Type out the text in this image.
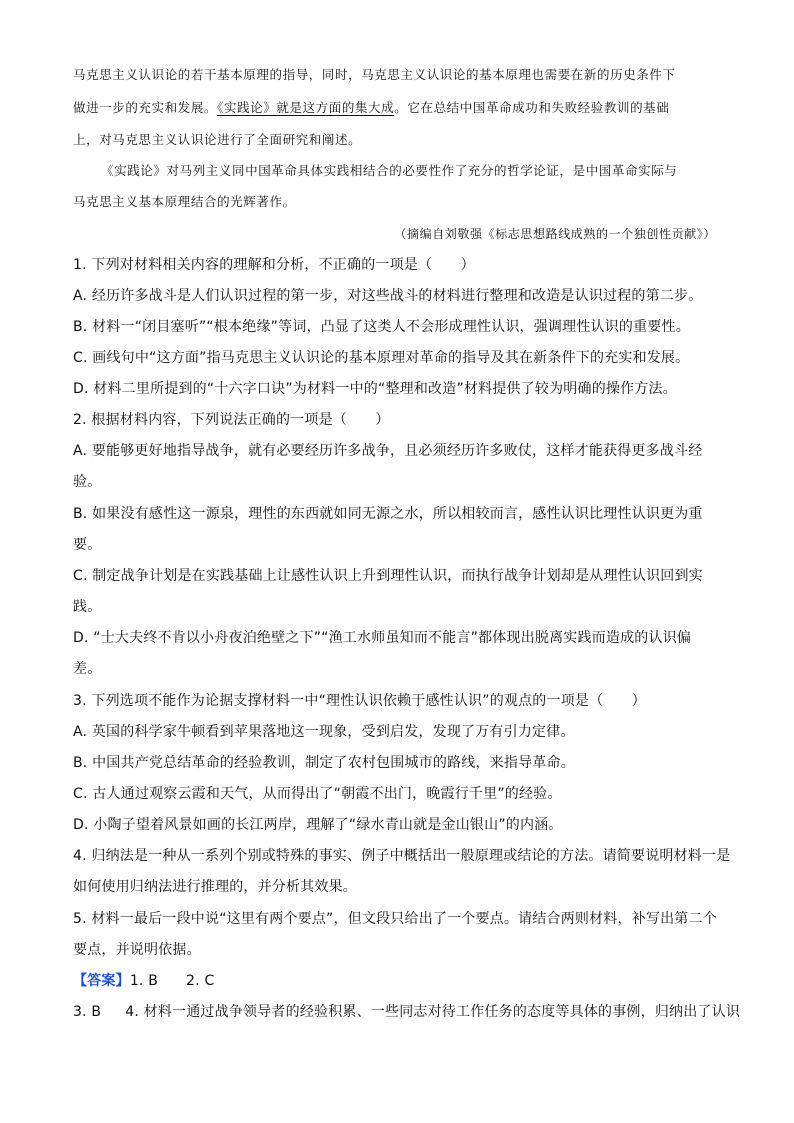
马克思主义认识论的若干基本原理的指导，同时，马克思主义认识论的基本原理也需要在新的历史条件下
做进一步的充实和发展。《实践论》就是这方面的集大成。它在总结中国革命成功和失败经验教训的基础
上，对马克思主义认识论进行了全面研究和阐述。
《实践论》对马列主义同中国革命具体实践相结合的必要性作了充分的哲学论证，是中国革命实际与
马克思主义基本原理结合的光辉著作。
（摘编自刘敬强《标志思想路线成熟的一个独创性贡献》）
1. 下列对材料相关内容的理解和分析，不正确的一项是（　　）
A. 经历许多战斗是人们认识过程的第一步，对这些战斗的材料进行整理和改造是认识过程的第二步。
B. 材料一“闭目塞听”“根本绝缘”等词，凸显了这类人不会形成理性认识，强调理性认识的重要性。
C. 画线句中“这方面”指马克思主义认识论的基本原理对革命的指导及其在新条件下的充实和发展。
D. 材料二里所提到的“十六字口诀”为材料一中的“整理和改造”材料提供了较为明确的操作方法。
2. 根据材料内容，下列说法正确的一项是（　　）
A. 要能够更好地指导战争，就有必要经历许多战争，且必须经历许多败仗，这样才能获得更多战斗经
验。
B. 如果没有感性这一源泉，理性的东西就如同无源之水，所以相较而言，感性认识比理性认识更为重
要。
C. 制定战争计划是在实践基础上让感性认识上升到理性认识，而执行战争计划却是从理性认识回到实
践。
D. “士大夫终不肯以小舟夜泊绝壁之下”“渔工水师虽知而不能言”都体现出脱离实践而造成的认识偏
差。
3. 下列选项不能作为论据支撑材料一中“理性认识依赖于感性认识”的观点的一项是（　　）
A. 英国的科学家牛顿看到苹果落地这一现象，受到启发，发现了万有引力定律。
B. 中国共产党总结革命的经验教训，制定了农村包围城市的路线，来指导革命。
C. 古人通过观察云霞和天气，从而得出了“朝霞不出门，晚霞行千里”的经验。
D. 小陶子望着风景如画的长江两岸，理解了“绿水青山就是金山银山”的内涵。
4. 归纳法是一种从一系列个别或特殊的事实、例子中概括出一般原理或结论的方法。请简要说明材料一是
如何使用归纳法进行推理的，并分析其效果。
5. 材料一最后一段中说“这里有两个要点”，但文段只给出了一个要点。请结合两则材料，补写出第二个
要点，并说明依据。
【答案】1. B 2. C
3. B 4. 材料一通过战争领导者的经验积累、一些同志对待工作任务的态度等具体的事例，归纳出了认识
